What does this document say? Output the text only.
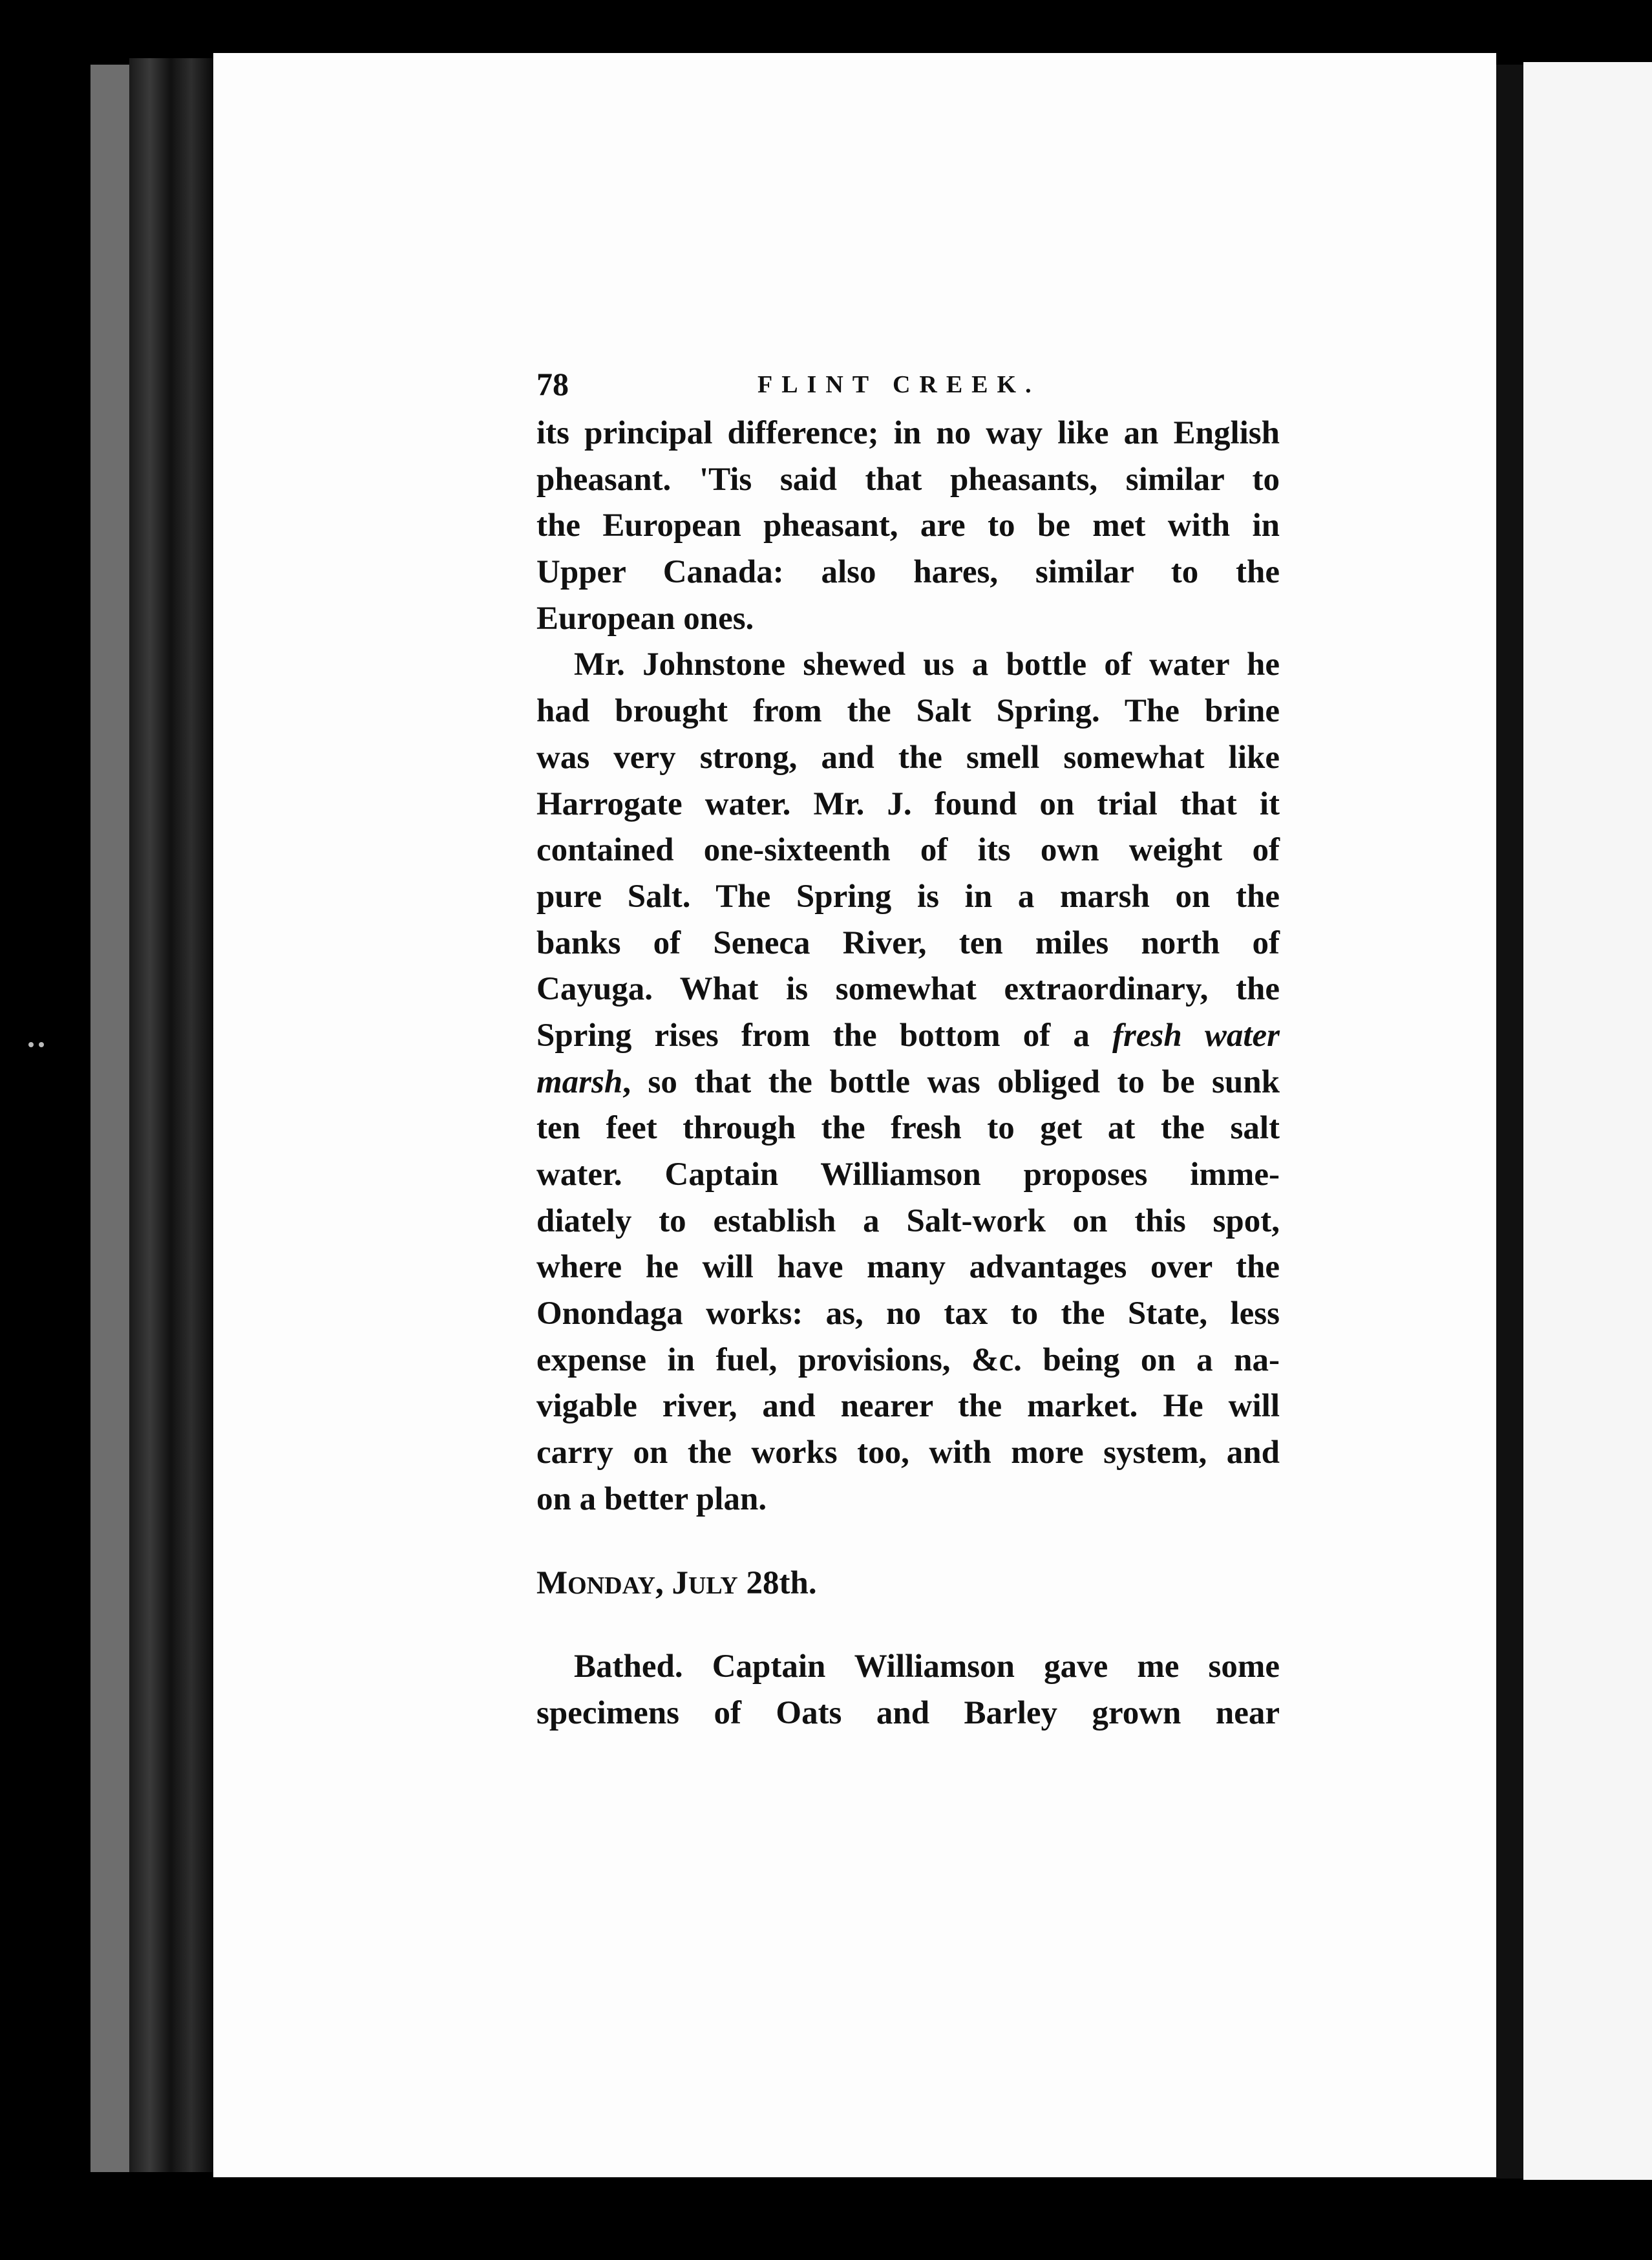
78	FLINT CREEK.
its principal difference; in no way like an English
pheasant. 'Tis said that pheasants, similar to
the European pheasant, are to be met with in
Upper Canada: also hares, similar to the
European ones.
Mr. Johnstone shewed us a bottle of water he
had brought from the Salt Spring. The brine
was very strong, and the smell somewhat like
Harrogate water. Mr. J. found on trial that it
contained one-sixteenth of its own weight of
pure Salt. The Spring is in a marsh on the
banks of Seneca River, ten miles north of
Cayuga. What is somewhat extraordinary, the
Spring rises from the bottom of a fresh water
marsh, so that the bottle was obliged to be sunk
ten feet through the fresh to get at the salt
water. Captain Williamson proposes imme-
diately to establish a Salt-work on this spot,
where he will have many advantages over the
Onondaga works: as, no tax to the State, less
expense in fuel, provisions, &c. being on a na-
vigable river, and nearer the market. He will
carry on the works too, with more system, and
on a better plan.
MONDAY, JULY 28th.
Bathed. Captain Williamson gave me some
specimens of Oats and Barley grown near
